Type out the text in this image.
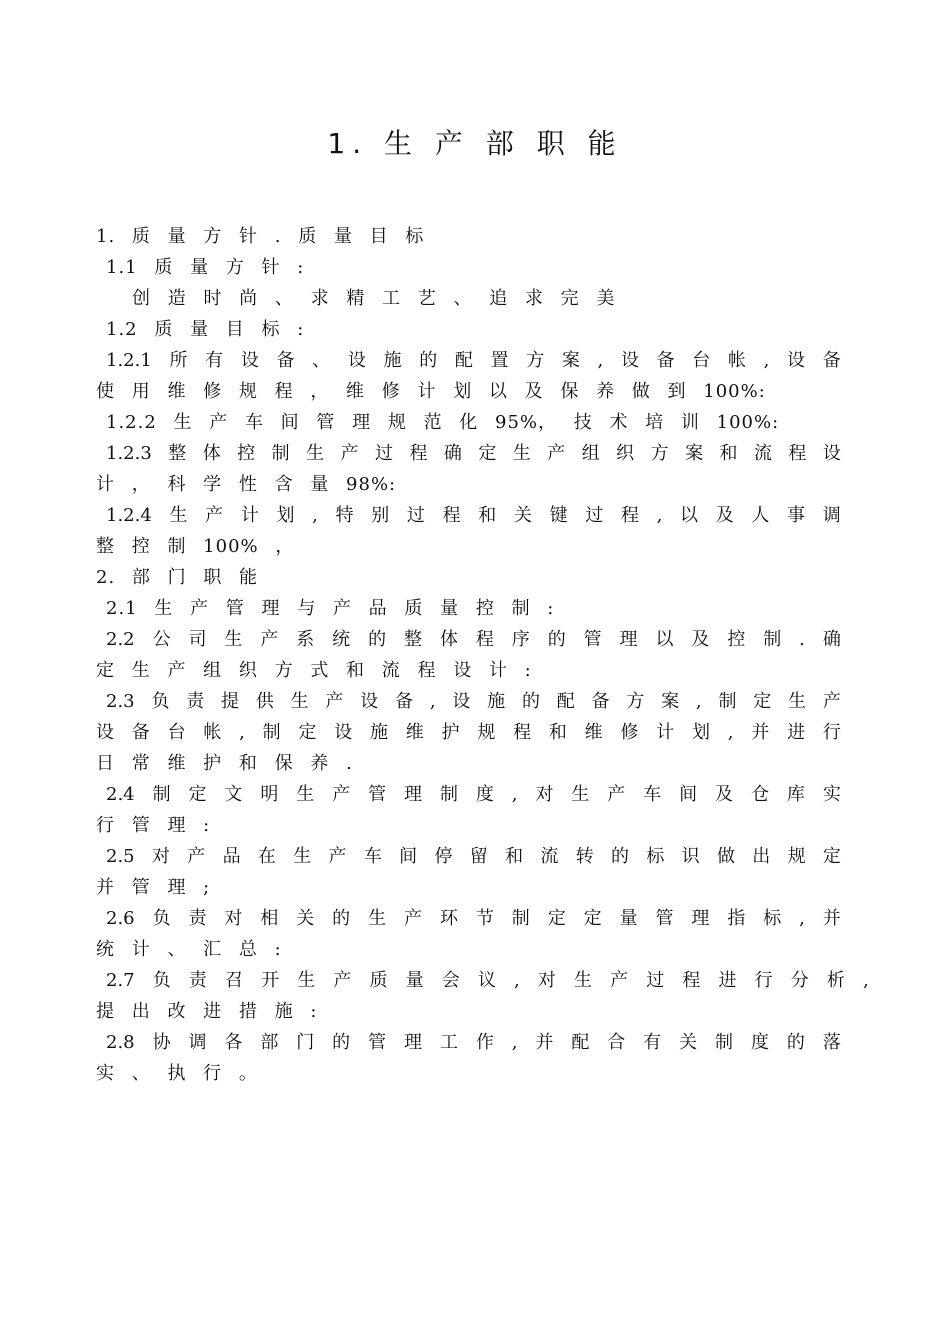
1. 生 产 部 职 能
1. 质 量 方 针 . 质 量 目 标
1.1 质 量 方 针 :
创 造 时 尚 、 求 精 工 艺 、 追 求 完 美
1.2 质 量 目 标 :
1.2.1 所 有 设 备 、 设 施 的 配 置 方 案 , 设 备 台 帐 , 设 备
使 用 维 修 规 程 ， 维 修 计 划 以 及 保 养 做 到 100%:
1.2.2 生 产 车 间 管 理 规 范 化 95%， 技 术 培 训 100%:
1.2.3 整 体 控 制 生 产 过 程 确 定 生 产 组 织 方 案 和 流 程 设
计 ， 科 学 性 含 量 98%:
1.2.4 生 产 计 划 , 特 别 过 程 和 关 键 过 程 , 以 及 人 事 调
整 控 制 100% ，
2. 部 门 职 能
2.1 生 产 管 理 与 产 品 质 量 控 制 :
2.2 公 司 生 产 系 统 的 整 体 程 序 的 管 理 以 及 控 制 . 确
定 生 产 组 织 方 式 和 流 程 设 计 :
2.3 负 责 提 供 生 产 设 备 , 设 施 的 配 备 方 案 , 制 定 生 产
设 备 台 帐 , 制 定 设 施 维 护 规 程 和 维 修 计 划 , 并 进 行
日 常 维 护 和 保 养 .
2.4 制 定 文 明 生 产 管 理 制 度 , 对 生 产 车 间 及 仓 库 实
行 管 理 :
2.5 对 产 品 在 生 产 车 间 停 留 和 流 转 的 标 识 做 出 规 定
并 管 理 ;
2.6 负 责 对 相 关 的 生 产 环 节 制 定 定 量 管 理 指 标 , 并
统 计 、 汇 总 :
2.7 负 责 召 开 生 产 质 量 会 议 , 对 生 产 过 程 进 行 分 析 ,
提 出 改 进 措 施 :
2.8 协 调 各 部 门 的 管 理 工 作 , 并 配 合 有 关 制 度 的 落
实 、 执 行 。
